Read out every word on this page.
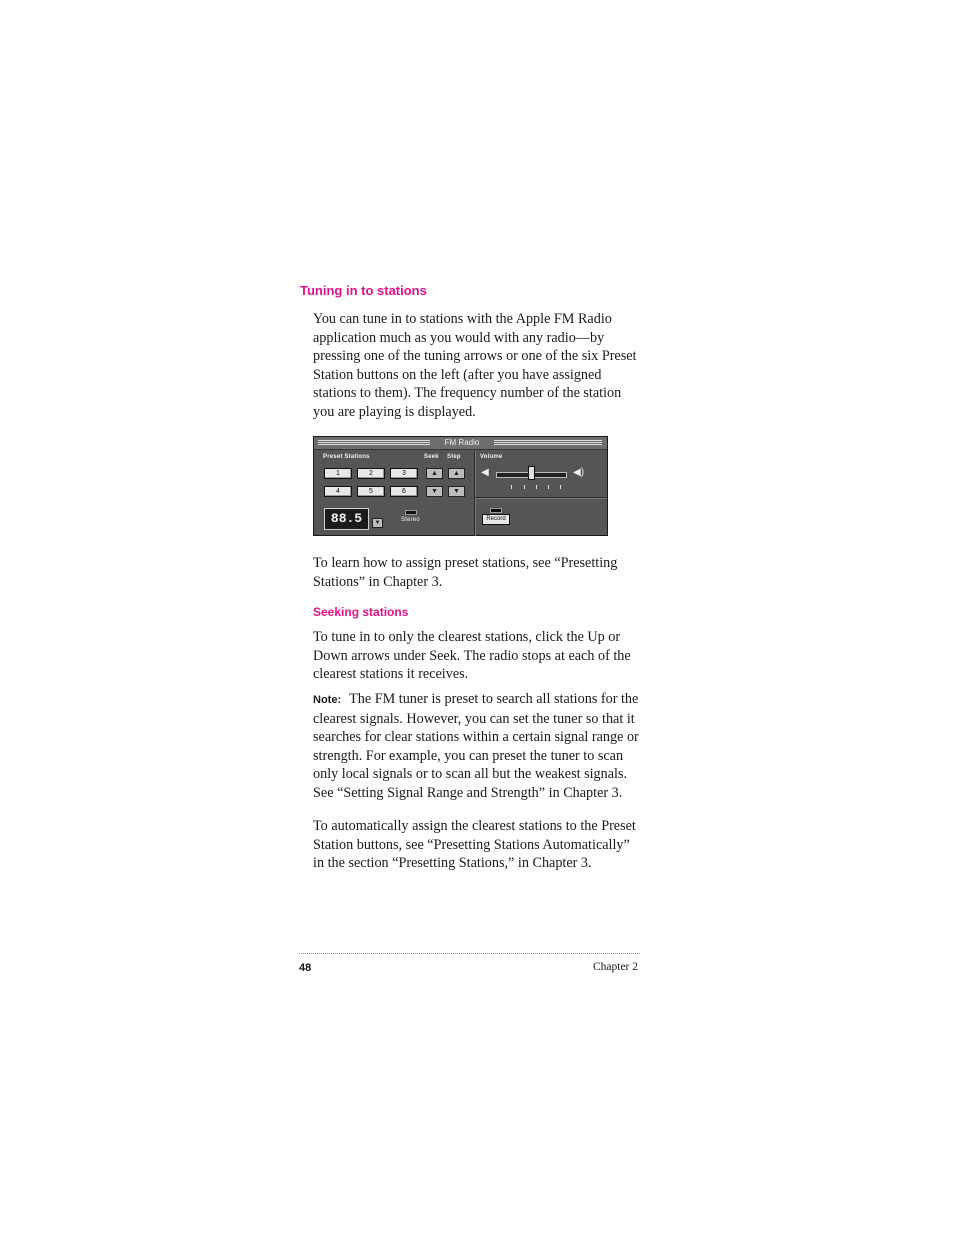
Tuning in to stations

You can tune in to stations with the Apple FM Radio application much as you would with any radio—by pressing one of the tuning arrows or one of the six Preset Station buttons on the left (after you have assigned stations to them). The frequency number of the station you are playing is displayed.

FM Radio
Preset Stations	Seek Step	Volume
1	2	3
4	5	6
▲	▲
▼	▼
88.5	▼	Stereo
◀	◀)
Record

To learn how to assign preset stations, see “Presetting Stations” in Chapter 3.

Seeking stations

To tune in to only the clearest stations, click the Up or Down arrows under Seek. The radio stops at each of the clearest stations it receives.

Note: The FM tuner is preset to search all stations for the clearest signals. However, you can set the tuner so that it searches for clear stations within a certain signal range or strength. For example, you can preset the tuner to scan only local signals or to scan all but the weakest signals. See “Setting Signal Range and Strength” in Chapter 3.

To automatically assign the clearest stations to the Preset Station buttons, see “Presetting Stations Automatically” in the section “Presetting Stations,” in Chapter 3.

48	Chapter 2
